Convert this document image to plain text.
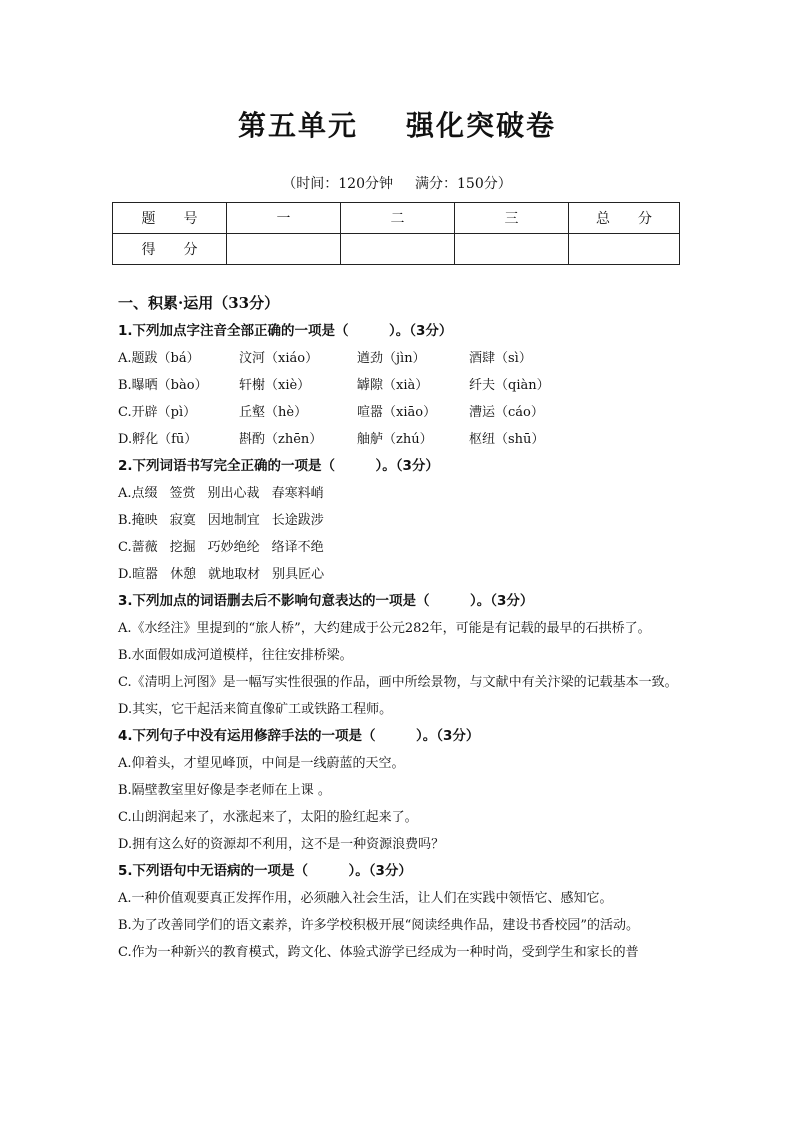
第五单元 强化突破卷
（时间：120分钟 满分：150分）
题　　号	一	二	三	总　　分
得　　分				
一、积累·运用（33分）
1.下列加点字注音全部正确的一项是（　　　）。（3分）
A.题跋（bá）	汶河（xiáo）	遒劲（jìn）	酒肆（sì）
B.曝晒（bào） 轩榭（xiè）	罅隙（xià）	纤夫（qiàn）
C.开辟（pì）	丘壑（hè）	喧嚣（xiāo）	漕运（cáo）
D.孵化（fū）	斟酌（zhēn）	舳舻（zhú）	枢纽（shū）
2.下列词语书写完全正确的一项是（　　　）。（3分）
A.点缀 签赏 别出心裁 春寒料峭
B.掩映 寂寞 因地制宜 长途跋涉
C.蔷薇 挖掘 巧妙绝纶 络译不绝
D.暄嚣 休憩 就地取材 别具匠心
3.下列加点的词语删去后不影响句意表达的一项是（　　　）。（3分）
A.《水经注》里提到的“旅人桥”，大约建成于公元282年，可能是有记载的最早的石拱桥了。
B.水面假如成河道模样，往往安排桥梁。
C.《清明上河图》是一幅写实性很强的作品，画中所绘景物，与文献中有关汴梁的记载基本一致。
D.其实，它干起活来简直像矿工或铁路工程师。
4.下列句子中没有运用修辞手法的一项是（　　　）。（3分）
A.仰着头，才望见峰顶，中间是一线蔚蓝的天空。
B.隔壁教室里好像是李老师在上课 。
C.山朗润起来了，水涨起来了，太阳的脸红起来了。
D.拥有这么好的资源却不利用，这不是一种资源浪费吗？
5.下列语句中无语病的一项是（　　　）。（3分）
A.一种价值观要真正发挥作用，必须融入社会生活，让人们在实践中领悟它、感知它。
B.为了改善同学们的语文素养，许多学校积极开展“阅读经典作品，建设书香校园”的活动。
C.作为一种新兴的教育模式，跨文化、体验式游学已经成为一种时尚，受到学生和家长的普
